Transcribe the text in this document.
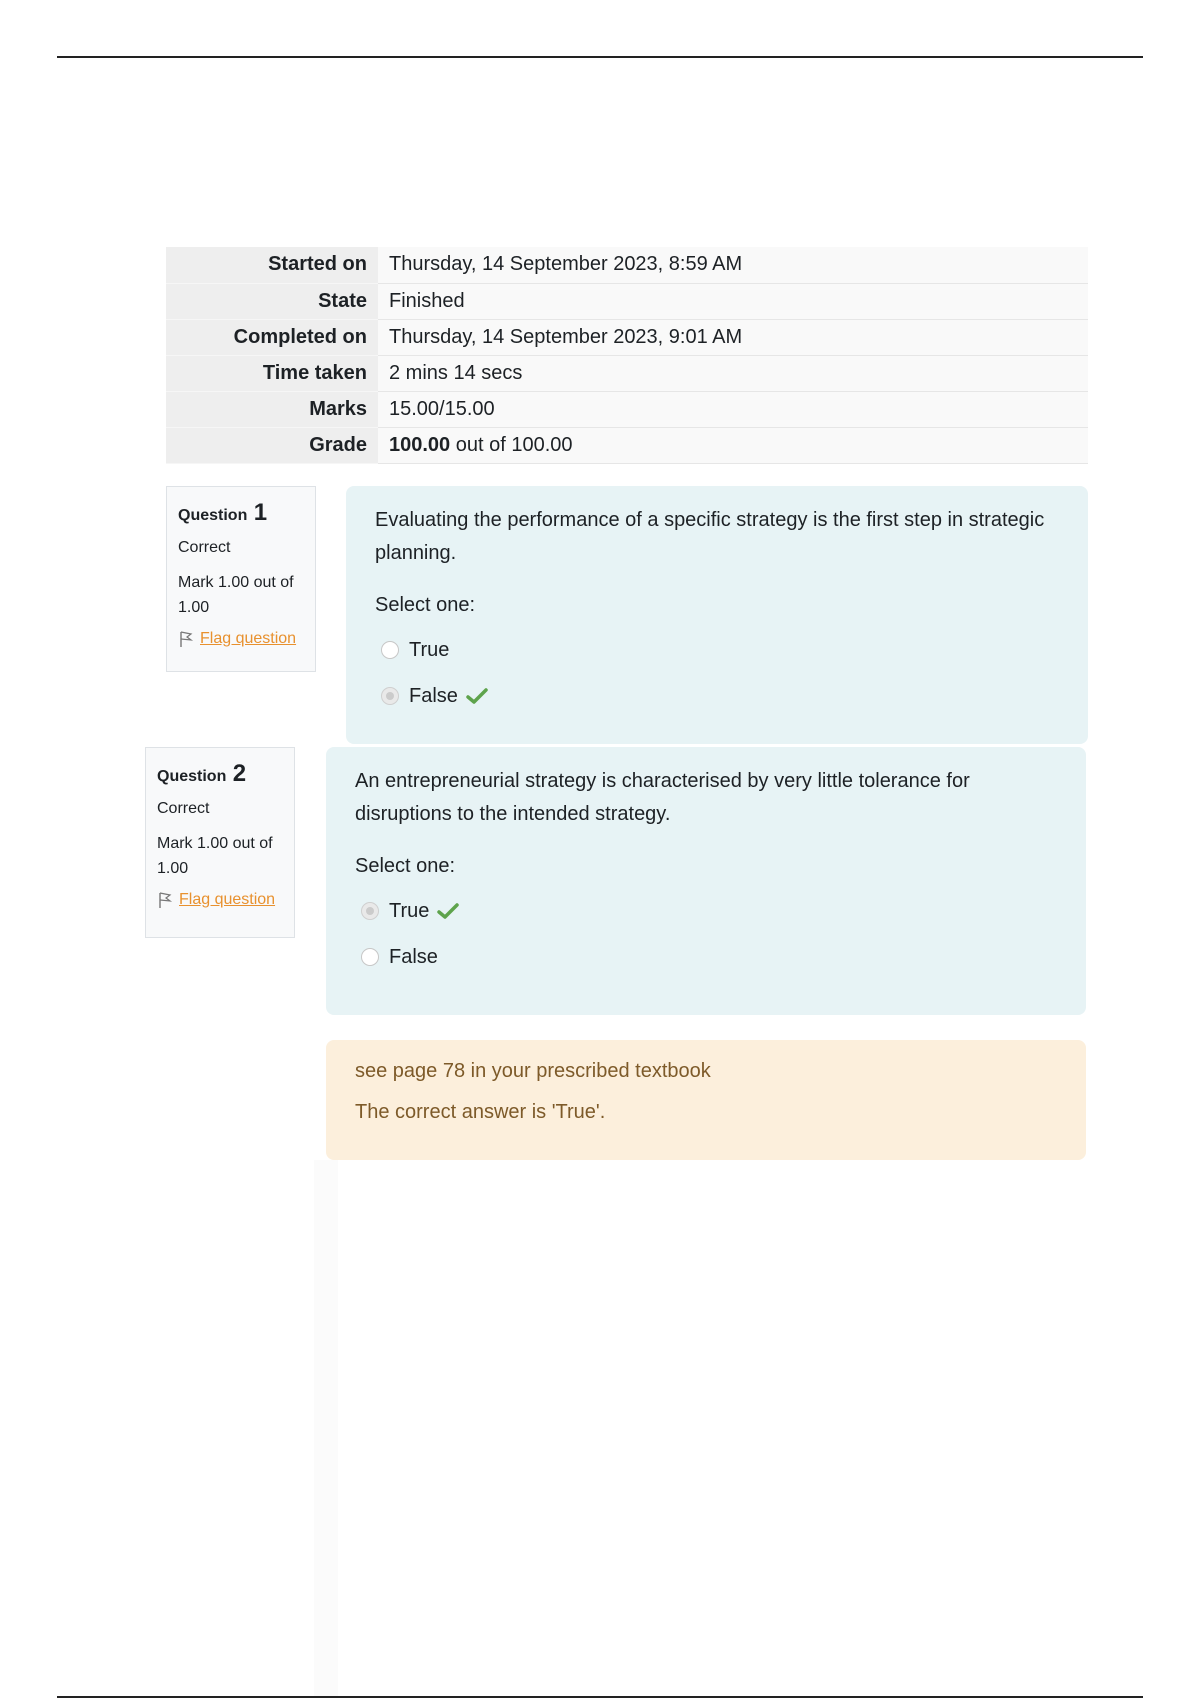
Started on	Thursday, 14 September 2023, 8:59 AM
State	Finished
Completed on	Thursday, 14 September 2023, 9:01 AM
Time taken	2 mins 14 secs
Marks	15.00/15.00
Grade	100.00 out of 100.00
Question 1
Correct
Mark 1.00 out of 1.00
Flag question
Evaluating the performance of a specific strategy is the first step in strategic planning.
Select one:
True
False
Question 2
Correct
Mark 1.00 out of 1.00
Flag question
An entrepreneurial strategy is characterised by very little tolerance for disruptions to the intended strategy.
Select one:
True
False
see page 78 in your prescribed textbook
The correct answer is 'True'.
